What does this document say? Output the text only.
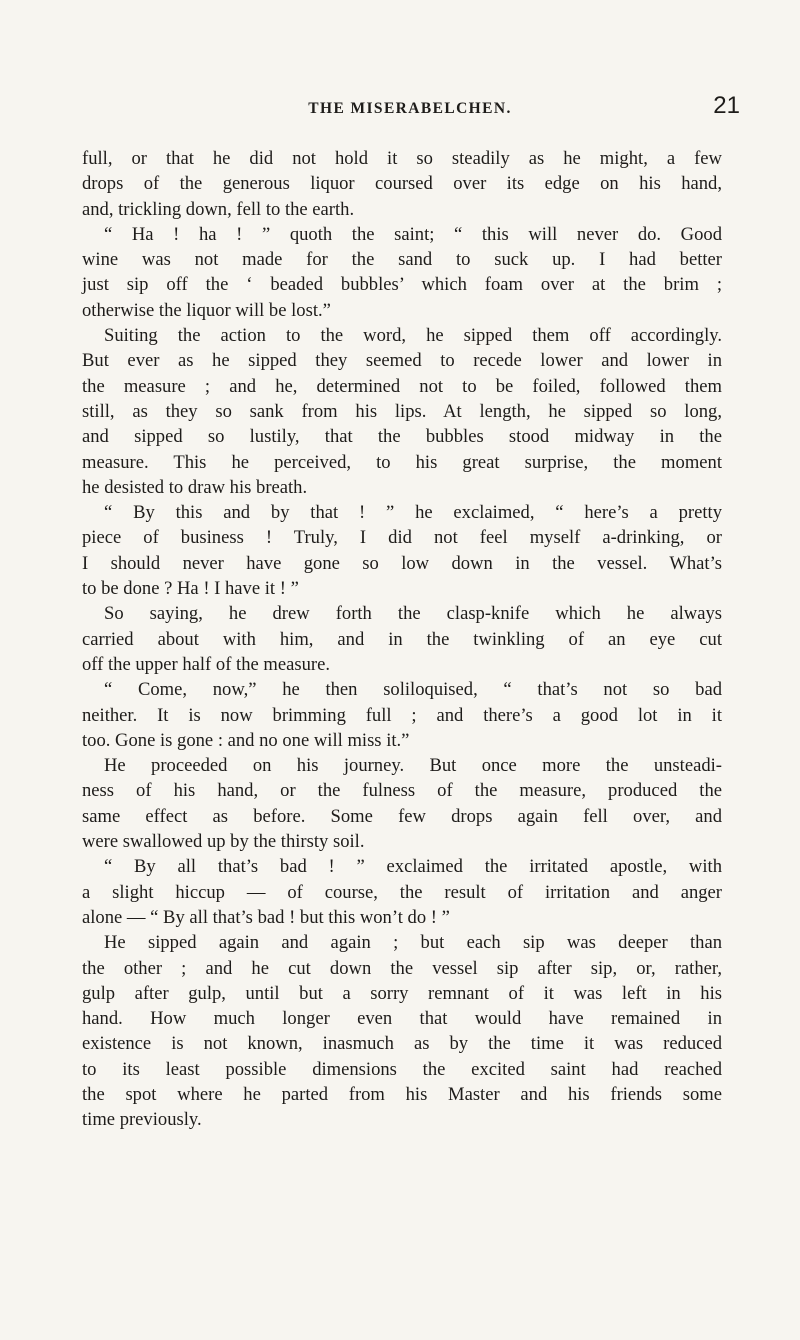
THE MISERABELCHEN.	21
full, or that he did not hold it so steadily as he might, a few
drops of the generous liquor coursed over its edge on his hand,
and, trickling down, fell to the earth.
“ Ha ! ha ! ” quoth the saint; “ this will never do. Good
wine was not made for the sand to suck up. I had better
just sip off the ‘ beaded bubbles’ which foam over at the brim ;
otherwise the liquor will be lost.”
Suiting the action to the word, he sipped them off accordingly.
But ever as he sipped they seemed to recede lower and lower in
the measure ; and he, determined not to be foiled, followed them
still, as they so sank from his lips. At length, he sipped so long,
and sipped so lustily, that the bubbles stood midway in the
measure. This he perceived, to his great surprise, the moment
he desisted to draw his breath.
“ By this and by that ! ” he exclaimed, “ here’s a pretty
piece of business ! Truly, I did not feel myself a-drinking, or
I should never have gone so low down in the vessel. What’s
to be done ? Ha ! I have it ! ”
So saying, he drew forth the clasp-knife which he always
carried about with him, and in the twinkling of an eye cut
off the upper half of the measure.
“ Come, now,” he then soliloquised, “ that’s not so bad
neither. It is now brimming full ; and there’s a good lot in it
too. Gone is gone : and no one will miss it.”
He proceeded on his journey. But once more the unsteadi-
ness of his hand, or the fulness of the measure, produced the
same effect as before. Some few drops again fell over, and
were swallowed up by the thirsty soil.
“ By all that’s bad ! ” exclaimed the irritated apostle, with
a slight hiccup — of course, the result of irritation and anger
alone — “ By all that’s bad ! but this won’t do ! ”
He sipped again and again ; but each sip was deeper than
the other ; and he cut down the vessel sip after sip, or, rather,
gulp after gulp, until but a sorry remnant of it was left in his
hand. How much longer even that would have remained in
existence is not known, inasmuch as by the time it was reduced
to its least possible dimensions the excited saint had reached
the spot where he parted from his Master and his friends some
time previously.
